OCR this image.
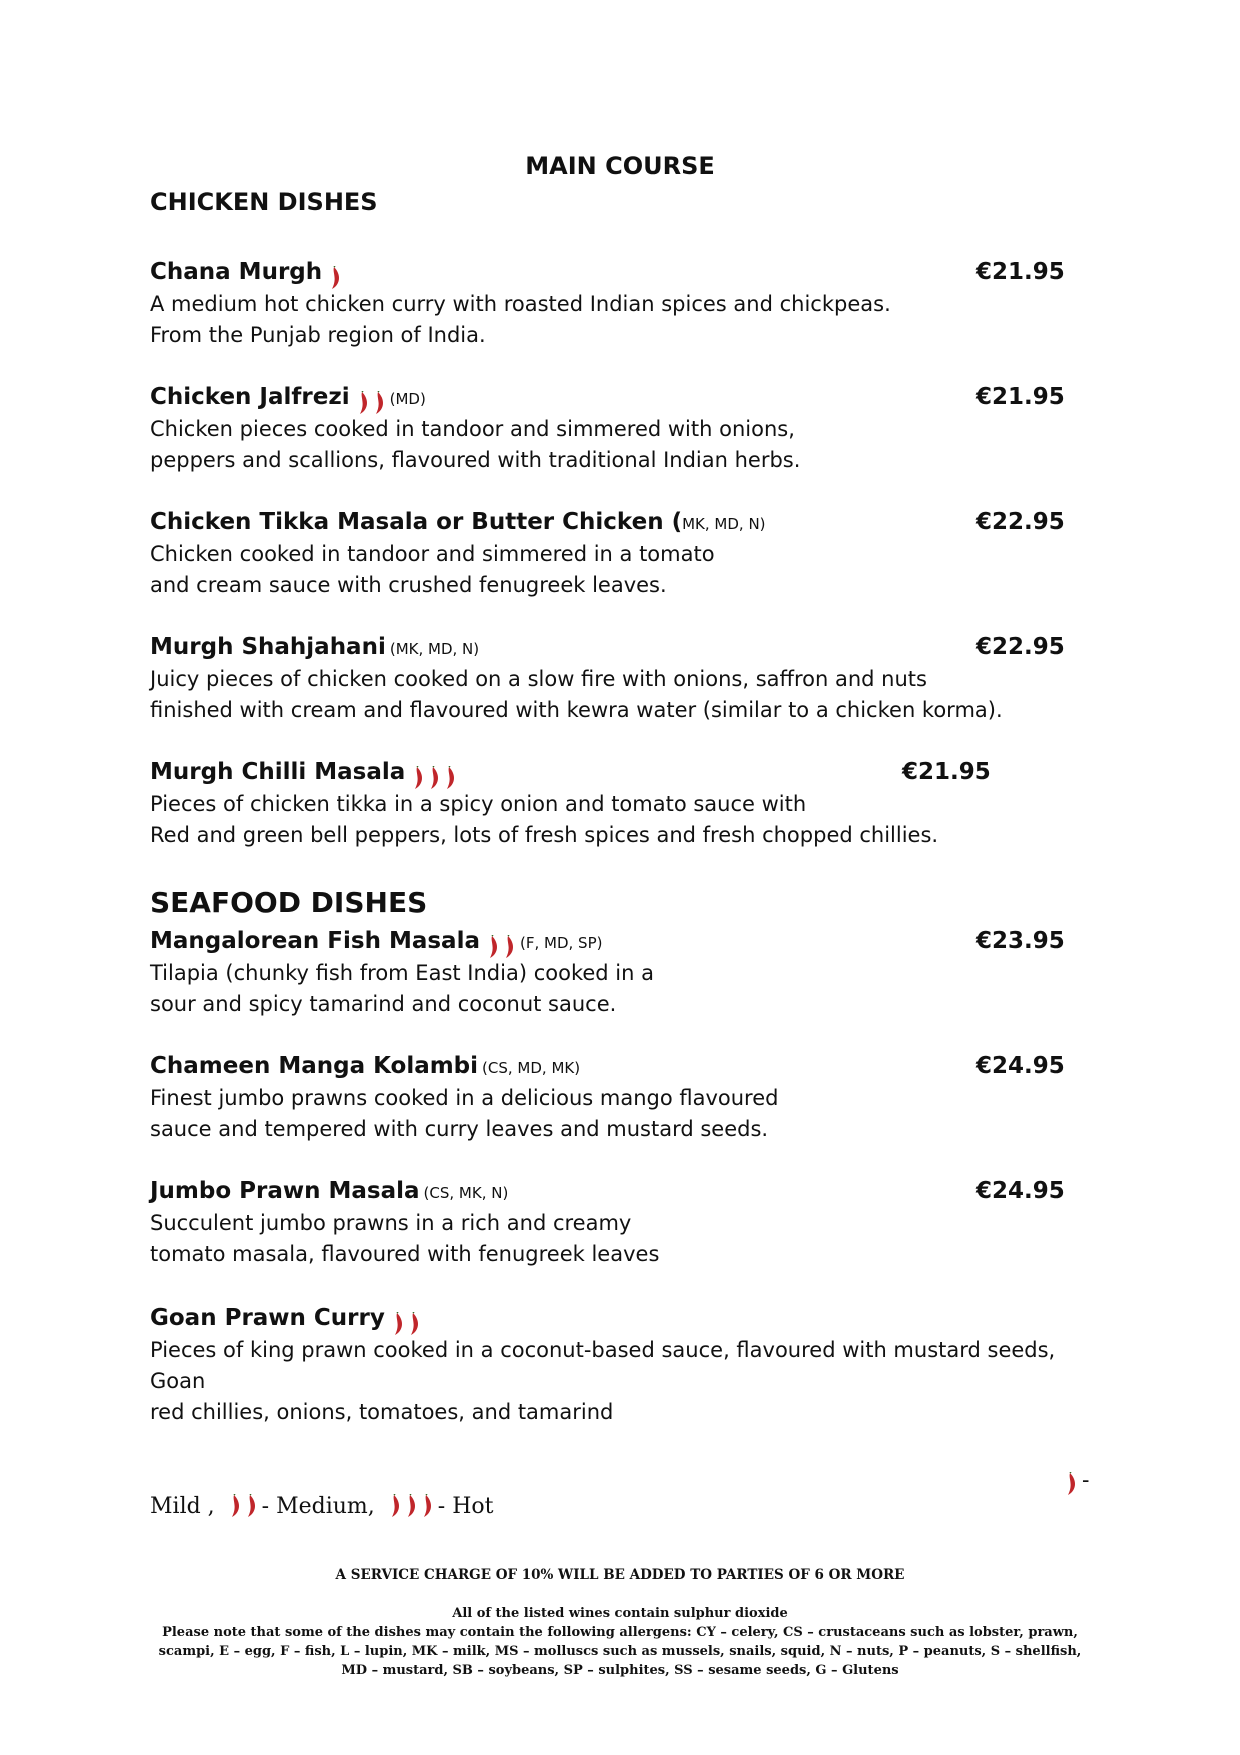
MAIN COURSE
CHICKEN DISHES
Chana Murgh	€21.95
A medium hot chicken curry with roasted Indian spices and chickpeas.
From the Punjab region of India.
Chicken Jalfrezi	(MD)	€21.95
Chicken pieces cooked in tandoor and simmered with onions,
peppers and scallions, flavoured with traditional Indian herbs.
Chicken Tikka Masala or Butter Chicken (MK, MD, N)	€22.95
Chicken cooked in tandoor and simmered in a tomato
and cream sauce with crushed fenugreek leaves.
Murgh Shahjahani (MK, MD, N)	€22.95
Juicy pieces of chicken cooked on a slow fire with onions, saffron and nuts
finished with cream and flavoured with kewra water (similar to a chicken korma).
Murgh Chilli Masala	€21.95
Pieces of chicken tikka in a spicy onion and tomato sauce with
Red and green bell peppers, lots of fresh spices and fresh chopped chillies.
SEAFOOD DISHES
Mangalorean Fish Masala	(F, MD, SP)	€23.95
Tilapia (chunky fish from East India) cooked in a
sour and spicy tamarind and coconut sauce.
Chameen Manga Kolambi (CS, MD, MK)	€24.95
Finest jumbo prawns cooked in a delicious mango flavoured
sauce and tempered with curry leaves and mustard seeds.
Jumbo Prawn Masala (CS, MK, N)	€24.95
Succulent jumbo prawns in a rich and creamy
tomato masala, flavoured with fenugreek leaves
Goan Prawn Curry
Pieces of king prawn cooked in a coconut-based sauce, flavoured with mustard seeds, Goan
red chillies, onions, tomatoes, and tamarind
-
Mild , - Medium,	- Hot
A SERVICE CHARGE OF 10% WILL BE ADDED TO PARTIES OF 6 OR MORE
All of the listed wines contain sulphur dioxide
Please note that some of the dishes may contain the following allergens: CY – celery, CS – crustaceans such as lobster, prawn, scampi, E – egg, F – fish, L – lupin, MK – milk, MS – molluscs such as mussels, snails, squid, N – nuts, P – peanuts, S – shellfish, MD – mustard, SB – soybeans, SP – sulphites, SS – sesame seeds, G – Glutens
